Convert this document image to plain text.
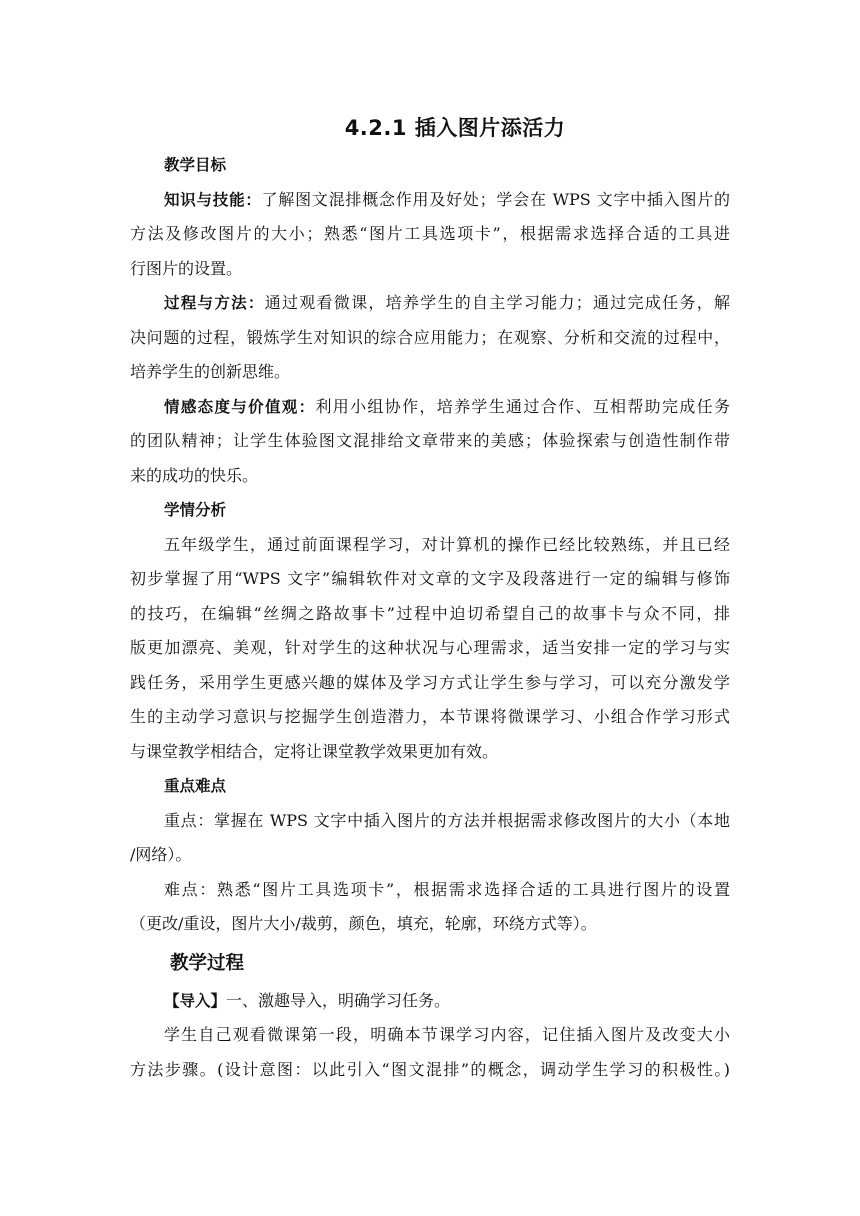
4.2.1 插入图片添活力
教学目标
知识与技能：了解图文混排概念作用及好处；学会在 WPS 文字中插入图片的
方法及修改图片的大小；熟悉“图片工具选项卡”，根据需求选择合适的工具进
行图片的设置。
过程与方法：通过观看微课，培养学生的自主学习能力；通过完成任务，解
决问题的过程，锻炼学生对知识的综合应用能力；在观察、分析和交流的过程中，
培养学生的创新思维。
情感态度与价值观：利用小组协作，培养学生通过合作、互相帮助完成任务
的团队精神；让学生体验图文混排给文章带来的美感；体验探索与创造性制作带
来的成功的快乐。
学情分析
五年级学生，通过前面课程学习，对计算机的操作已经比较熟练，并且已经
初步掌握了用“WPS 文字”编辑软件对文章的文字及段落进行一定的编辑与修饰
的技巧，在编辑“丝绸之路故事卡”过程中迫切希望自己的故事卡与众不同，排
版更加漂亮、美观，针对学生的这种状况与心理需求，适当安排一定的学习与实
践任务，采用学生更感兴趣的媒体及学习方式让学生参与学习，可以充分激发学
生的主动学习意识与挖掘学生创造潜力，本节课将微课学习、小组合作学习形式
与课堂教学相结合，定将让课堂教学效果更加有效。
重点难点
重点：掌握在 WPS 文字中插入图片的方法并根据需求修改图片的大小（本地
/网络）。
难点：熟悉“图片工具选项卡”，根据需求选择合适的工具进行图片的设置
（更改/重设，图片大小/裁剪，颜色，填充，轮廓，环绕方式等）。
教学过程
【导入】一、激趣导入，明确学习任务。
学生自己观看微课第一段，明确本节课学习内容，记住插入图片及改变大小
方法步骤。(设计意图：以此引入“图文混排”的概念，调动学生学习的积极性。)
